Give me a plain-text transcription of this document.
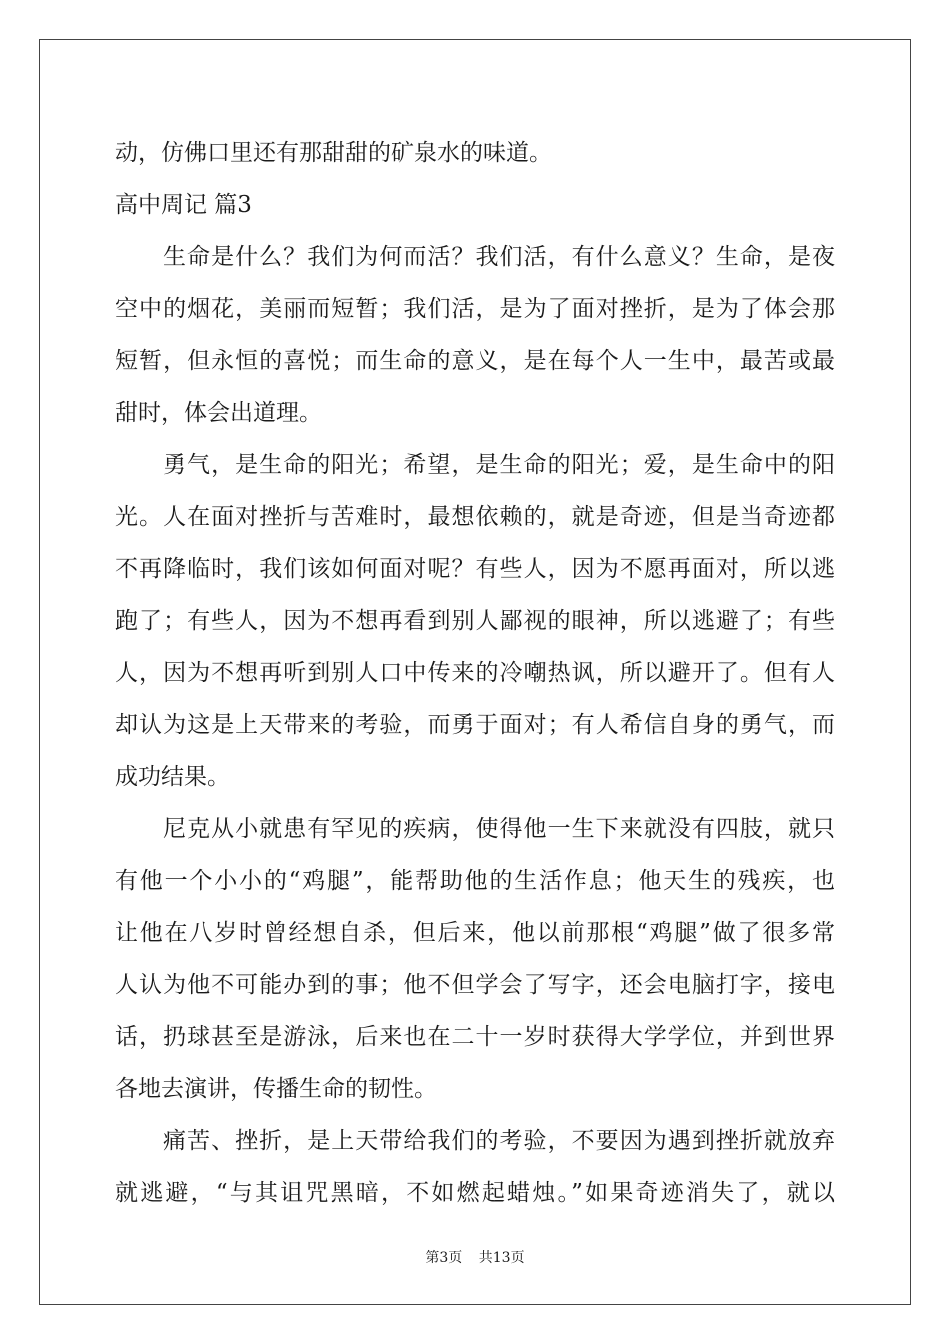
动，仿佛口里还有那甜甜的矿泉水的味道。
高中周记 篇3
生命是什么？我们为何而活？我们活，有什么意义？生命，是夜
空中的烟花，美丽而短暂；我们活，是为了面对挫折，是为了体会那
短暂，但永恒的喜悦；而生命的意义，是在每个人一生中，最苦或最
甜时，体会出道理。
勇气，是生命的阳光；希望，是生命的阳光；爱，是生命中的阳
光。人在面对挫折与苦难时，最想依赖的，就是奇迹，但是当奇迹都
不再降临时，我们该如何面对呢？有些人，因为不愿再面对，所以逃
跑了；有些人，因为不想再看到别人鄙视的眼神，所以逃避了；有些
人，因为不想再听到别人口中传来的冷嘲热讽，所以避开了。但有人
却认为这是上天带来的考验，而勇于面对；有人希信自身的勇气，而
成功结果。
尼克从小就患有罕见的疾病，使得他一生下来就没有四肢，就只
有他一个小小的“鸡腿”，能帮助他的生活作息；他天生的残疾，也
让他在八岁时曾经想自杀，但后来，他以前那根“鸡腿”做了很多常
人认为他不可能办到的事；他不但学会了写字，还会电脑打字，接电
话，扔球甚至是游泳，后来也在二十一岁时获得大学学位，并到世界
各地去演讲，传播生命的韧性。
痛苦、挫折，是上天带给我们的考验，不要因为遇到挫折就放弃
就逃避，“与其诅咒黑暗，不如燃起蜡烛。”如果奇迹消失了，就以
第3页 共13页
